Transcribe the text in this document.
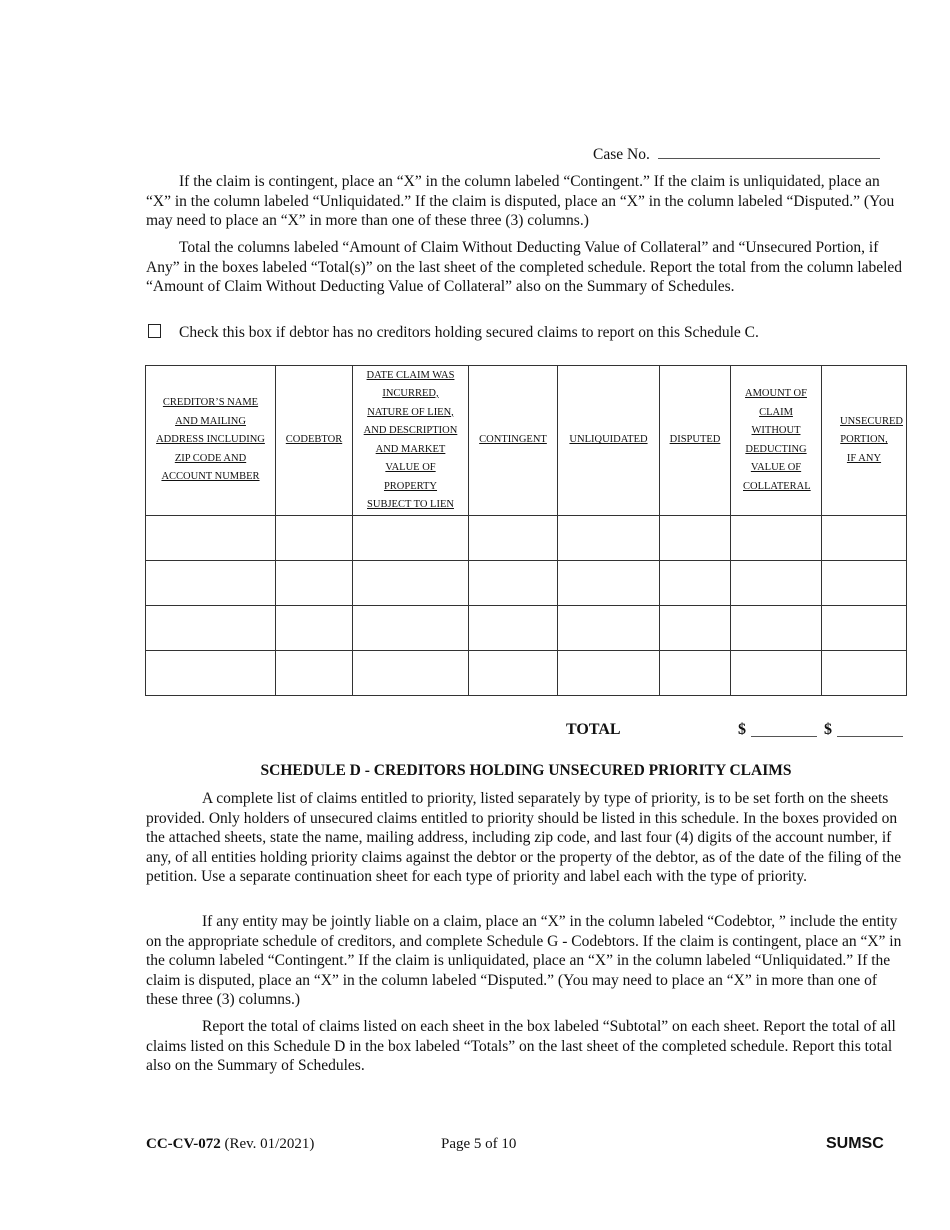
Case No.

If the claim is contingent, place an “X” in the column labeled “Contingent.” If the claim is unliquidated, place an “X” in the column labeled “Unliquidated.” If the claim is disputed, place an “X” in the column labeled “Disputed.” (You may need to place an “X” in more than one of these three (3) columns.)

Total the columns labeled “Amount of Claim Without Deducting Value of Collateral” and “Unsecured Portion, if Any” in the boxes labeled “Total(s)” on the last sheet of the completed schedule. Report the total from the column labeled “Amount of Claim Without Deducting Value of Collateral” also on the Summary of Schedules.

Check this box if debtor has no creditors holding secured claims to report on this Schedule C.
CREDITOR’S NAME AND MAILING ADDRESS INCLUDING ZIP CODE AND ACCOUNT NUMBER	CODEBTOR	DATE CLAIM WAS INCURRED, NATURE OF LIEN, AND DESCRIPTION AND MARKET VALUE OF PROPERTY SUBJECT TO LIEN	CONTINGENT	UNLIQUIDATED	DISPUTED	AMOUNT OF CLAIM WITHOUT DEDUCTING VALUE OF COLLATERAL	UNSECURED PORTION, IF ANY

TOTAL	$	$
SCHEDULE D - CREDITORS HOLDING UNSECURED PRIORITY CLAIMS

A complete list of claims entitled to priority, listed separately by type of priority, is to be set forth on the sheets provided. Only holders of unsecured claims entitled to priority should be listed in this schedule. In the boxes provided on the attached sheets, state the name, mailing address, including zip code, and last four (4) digits of the account number, if any, of all entities holding priority claims against the debtor or the property of the debtor, as of the date of the filing of the petition. Use a separate continuation sheet for each type of priority and label each with the type of priority.

If any entity may be jointly liable on a claim, place an “X” in the column labeled “Codebtor, ” include the entity on the appropriate schedule of creditors, and complete Schedule G - Codebtors. If the claim is contingent, place an “X” in the column labeled “Contingent.” If the claim is unliquidated, place an “X” in the column labeled “Unliquidated.” If the claim is disputed, place an “X” in the column labeled “Disputed.” (You may need to place an “X” in more than one of these three (3) columns.)

Report the total of claims listed on each sheet in the box labeled “Subtotal” on each sheet. Report the total of all claims listed on this Schedule D in the box labeled “Totals” on the last sheet of the completed schedule. Report this total also on the Summary of Schedules.

CC-CV-072 (Rev. 01/2021)	Page 5 of 10	SUMSC
